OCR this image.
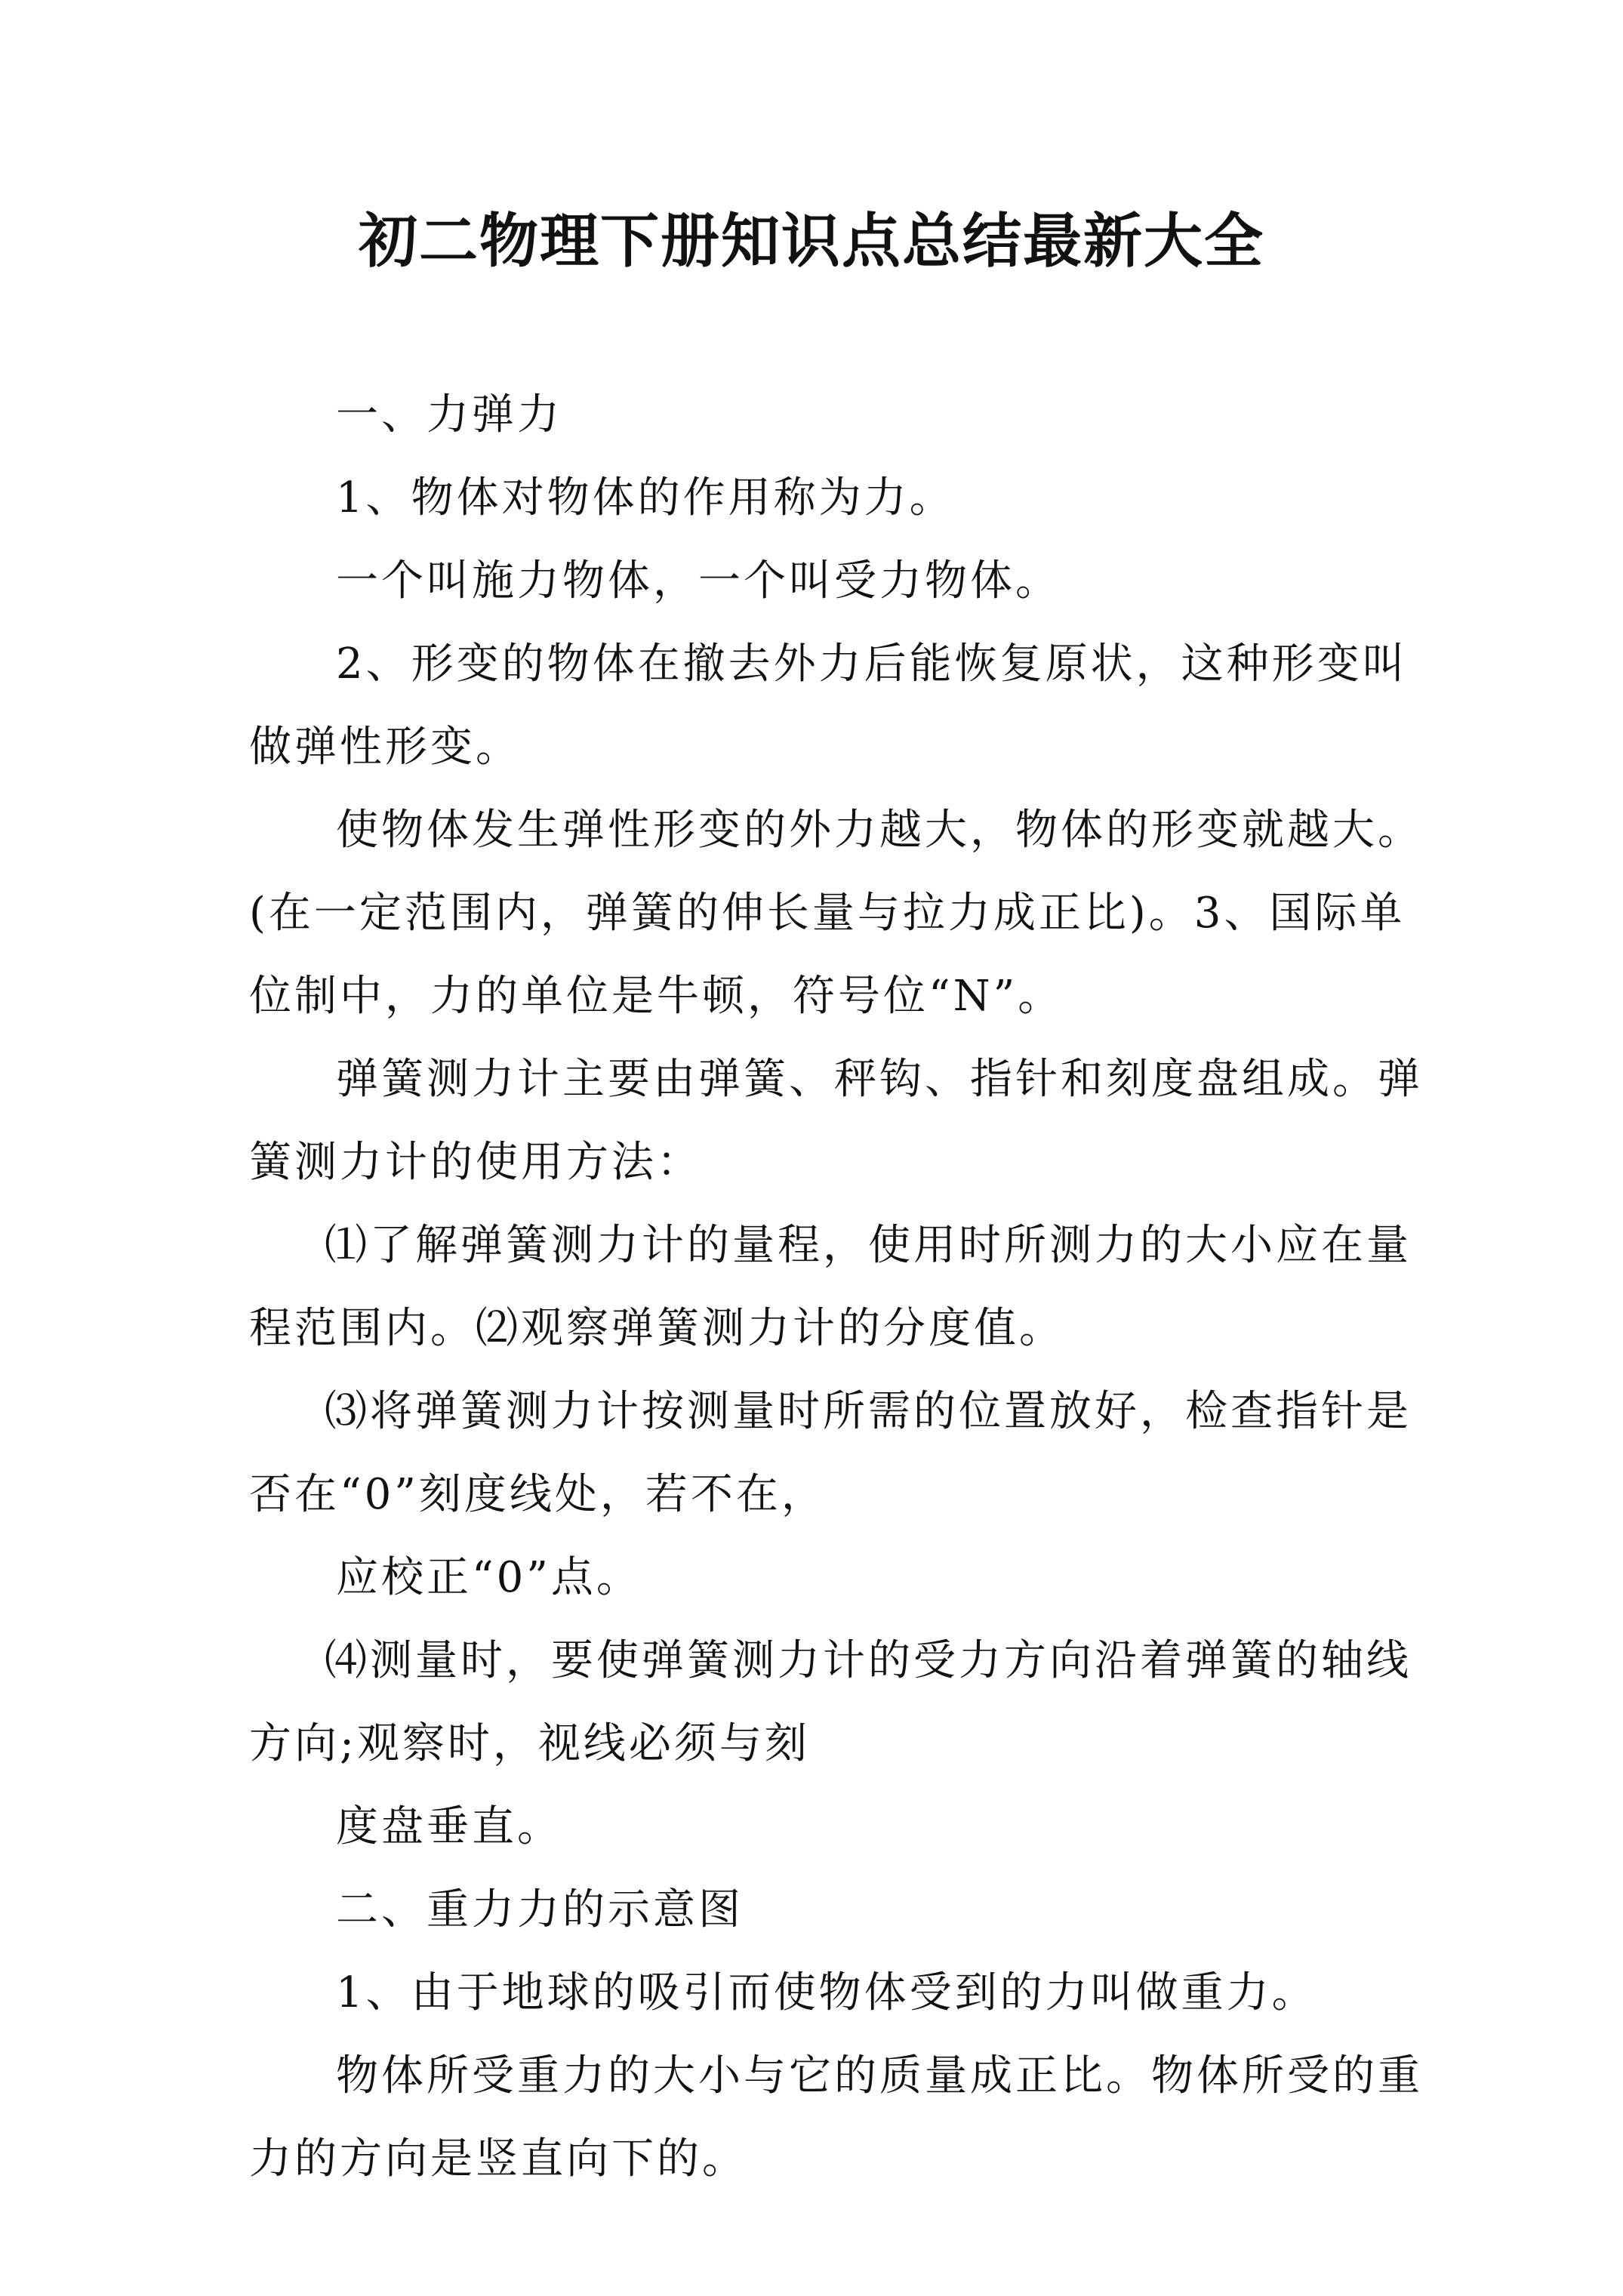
初二物理下册知识点总结最新大全
一、力弹力
1、物体对物体的作用称为力。
一个叫施力物体，一个叫受力物体。
2、形变的物体在撤去外力后能恢复原状，这种形变叫
做弹性形变。
使物体发生弹性形变的外力越大，物体的形变就越大。
(在一定范围内，弹簧的伸长量与拉力成正比)。3、国际单
位制中，力的单位是牛顿，符号位“N”。
弹簧测力计主要由弹簧、秤钩、指针和刻度盘组成。弹
簧测力计的使用方法：
⑴了解弹簧测力计的量程，使用时所测力的大小应在量
程范围内。⑵观察弹簧测力计的分度值。
⑶将弹簧测力计按测量时所需的位置放好，检查指针是
否在“0”刻度线处，若不在，
应校正“0”点。
⑷测量时，要使弹簧测力计的受力方向沿着弹簧的轴线
方向;观察时，视线必须与刻
度盘垂直。
二、重力力的示意图
1、由于地球的吸引而使物体受到的力叫做重力。
物体所受重力的大小与它的质量成正比。物体所受的重
力的方向是竖直向下的。
